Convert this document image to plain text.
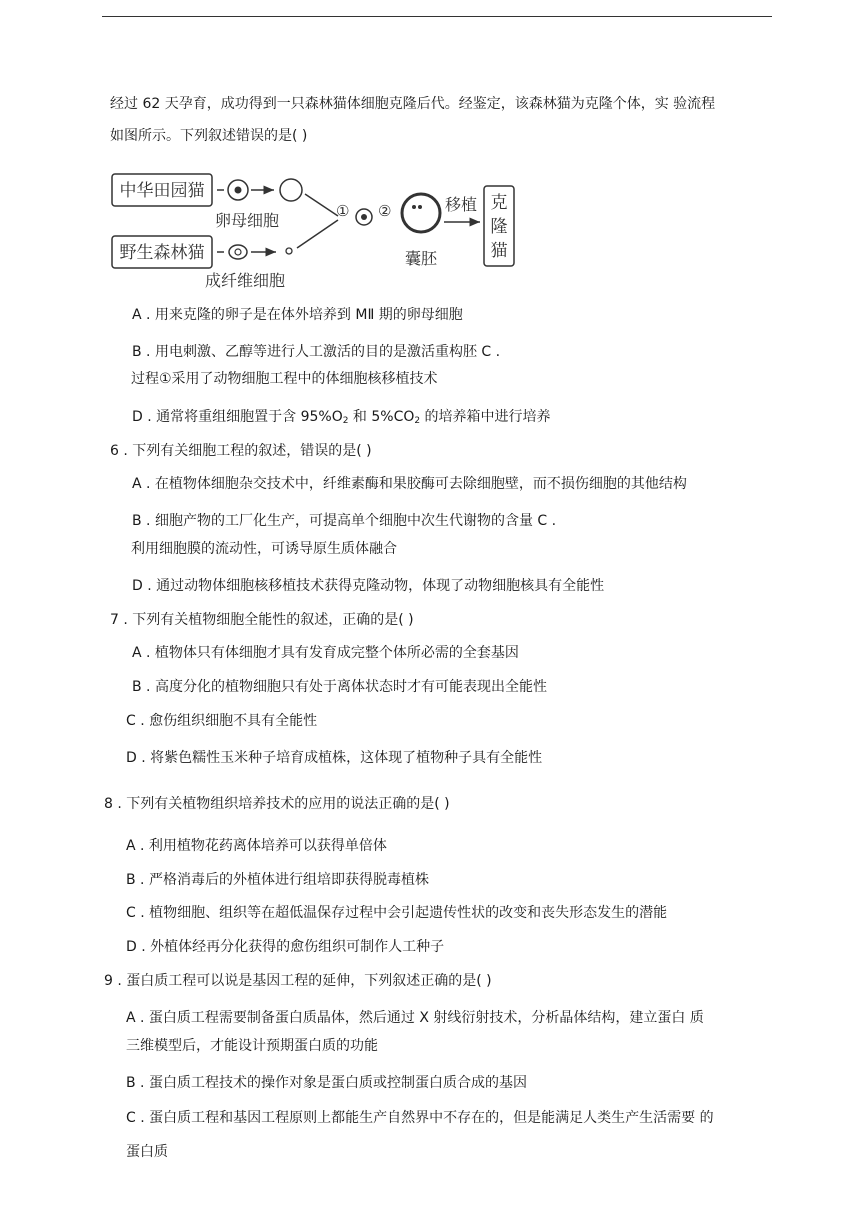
经过 62 天孕育，成功得到一只森林猫体细胞克隆后代。经鉴定，该森林猫为克隆个体，实 验流程
如图所示。下列叙述错误的是( )
中华田园猫
卵母细胞
野生森林猫
成纤维细胞
① ②
囊胚
移植 克
隆
猫
A . 用来克隆的卵子是在体外培养到 MⅡ 期的卵母细胞
B . 用电刺激、乙醇等进行人工激活的目的是激活重构胚 C .
过程①采用了动物细胞工程中的体细胞核移植技术
D . 通常将重组细胞置于含 $95\%O_2$ 和 $5\%CO_2$ 的培养箱中进行培养
6 . 下列有关细胞工程的叙述，错误的是( )
A . 在植物体细胞杂交技术中，纤维素酶和果胶酶可去除细胞壁，而不损伤细胞的其他结构
B . 细胞产物的工厂化生产，可提高单个细胞中次生代谢物的含量 C .
利用细胞膜的流动性，可诱导原生质体融合
D . 通过动物体细胞核移植技术获得克隆动物，体现了动物细胞核具有全能性
7 . 下列有关植物细胞全能性的叙述，正确的是( )
A . 植物体只有体细胞才具有发育成完整个体所必需的全套基因
B . 高度分化的植物细胞只有处于离体状态时才有可能表现出全能性
C . 愈伤组织细胞不具有全能性
D . 将紫色糯性玉米种子培育成植株，这体现了植物种子具有全能性
8 . 下列有关植物组织培养技术的应用的说法正确的是( )
A . 利用植物花药离体培养可以获得单倍体
B . 严格消毒后的外植体进行组培即获得脱毒植株
C . 植物细胞、组织等在超低温保存过程中会引起遗传性状的改变和丧失形态发生的潜能
D . 外植体经再分化获得的愈伤组织可制作人工种子
9 . 蛋白质工程可以说是基因工程的延伸，下列叙述正确的是( )
A . 蛋白质工程需要制备蛋白质晶体，然后通过 X 射线衍射技术，分析晶体结构，建立蛋白 质
三维模型后，才能设计预期蛋白质的功能
B . 蛋白质工程技术的操作对象是蛋白质或控制蛋白质合成的基因
C . 蛋白质工程和基因工程原则上都能生产自然界中不存在的，但是能满足人类生产生活需要 的
蛋白质
